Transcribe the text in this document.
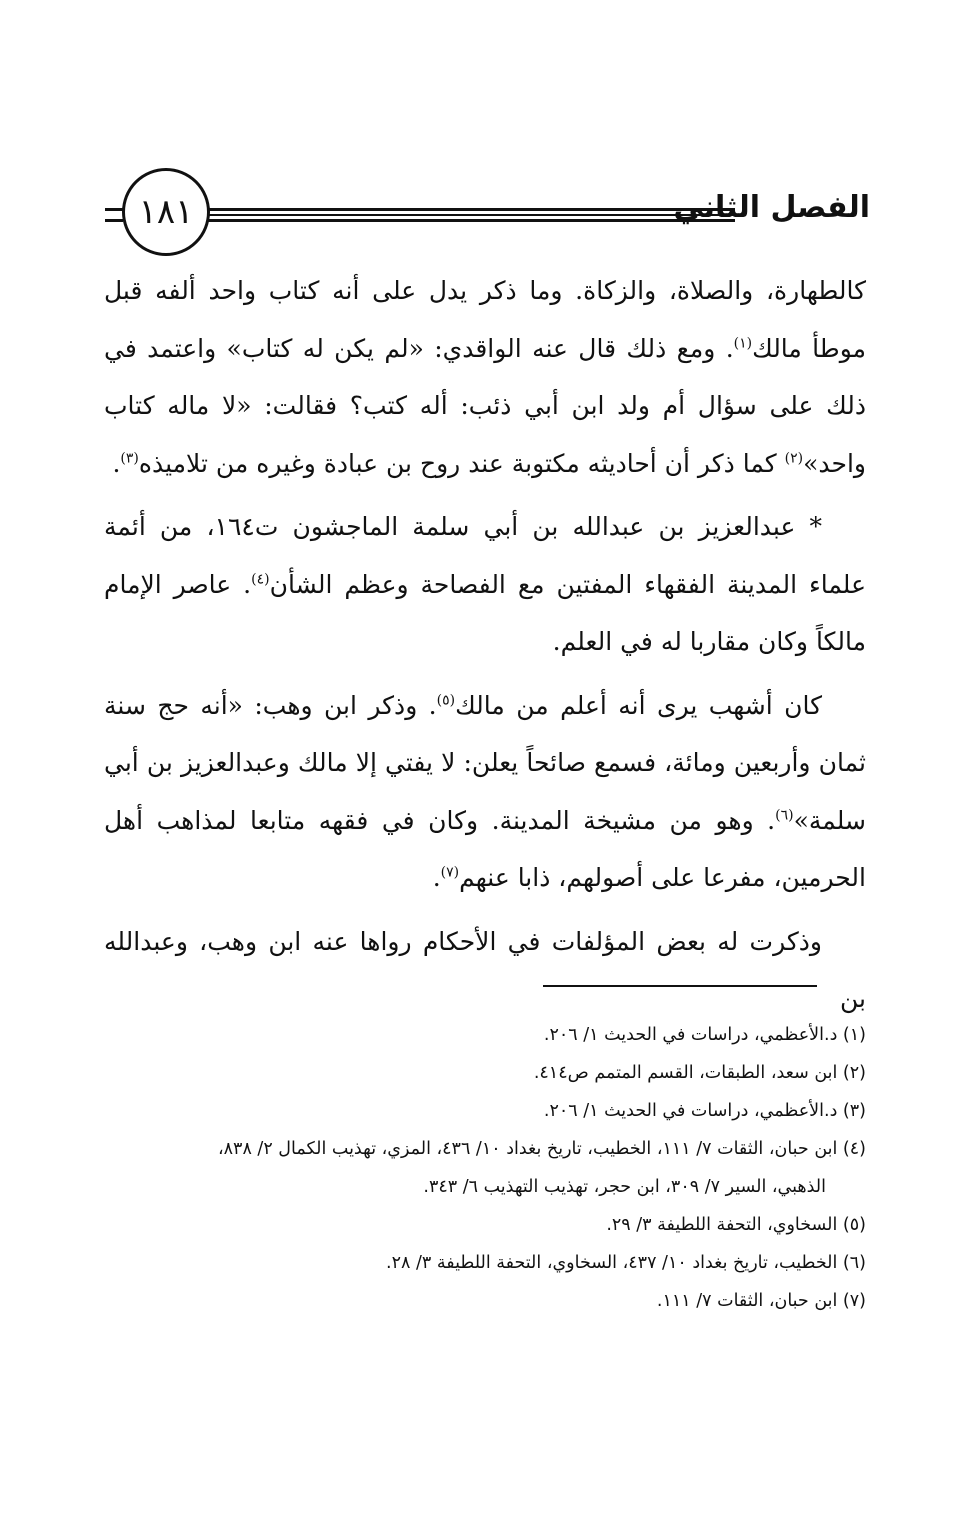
الفصل الثاني
١٨١

كالطهارة، والصلاة، والزكاة. وما ذكر يدل على أنه كتاب واحد ألفه قبل موطأ مالك$^{(١)}$. ومع ذلك قال عنه الواقدي: «لم يكن له كتاب» واعتمد في ذلك على سؤال أم ولد ابن أبي ذئب: أله كتب؟ فقالت: «لا ماله كتاب واحد»$^{(٢)}$ كما ذكر أن أحاديثه مكتوبة عند روح بن عبادة وغيره من تلاميذه$^{(٣)}$.

* عبدالعزيز بن عبدالله بن أبي سلمة الماجشون ت١٦٤، من أئمة علماء المدينة الفقهاء المفتين مع الفصاحة وعظم الشأن$^{(٤)}$. عاصر الإمام مالكاً وكان مقاربا له في العلم.

كان أشهب يرى أنه أعلم من مالك$^{(٥)}$. وذكر ابن وهب: «أنه حج سنة ثمان وأربعين ومائة، فسمع صائحاً يعلن: لا يفتي إلا مالك وعبدالعزيز بن أبي سلمة»$^{(٦)}$. وهو من مشيخة المدينة. وكان في فقهه متابعا لمذاهب أهل الحرمين، مفرعا على أصولهم، ذابا عنهم$^{(٧)}$.

وذكرت له بعض المؤلفات في الأحكام رواها عنه ابن وهب، وعبدالله بن

(١) د.الأعظمي، دراسات في الحديث ١/ ٢٠٦.

(٢) ابن سعد، الطبقات، القسم المتمم ص٤١٤.

(٣) د.الأعظمي، دراسات في الحديث ١/ ٢٠٦.

(٤) ابن حبان، الثقات ٧/ ١١١، الخطيب، تاريخ بغداد ١٠/ ٤٣٦، المزي، تهذيب الكمال ٢/ ٨٣٨،

الذهبي، السير ٧/ ٣٠٩، ابن حجر، تهذيب التهذيب ٦/ ٣٤٣.

(٥) السخاوي، التحفة اللطيفة ٣/ ٢٩.

(٦) الخطيب، تاريخ بغداد ١٠/ ٤٣٧، السخاوي، التحفة اللطيفة ٣/ ٢٨.

(٧) ابن حبان، الثقات ٧/ ١١١.
